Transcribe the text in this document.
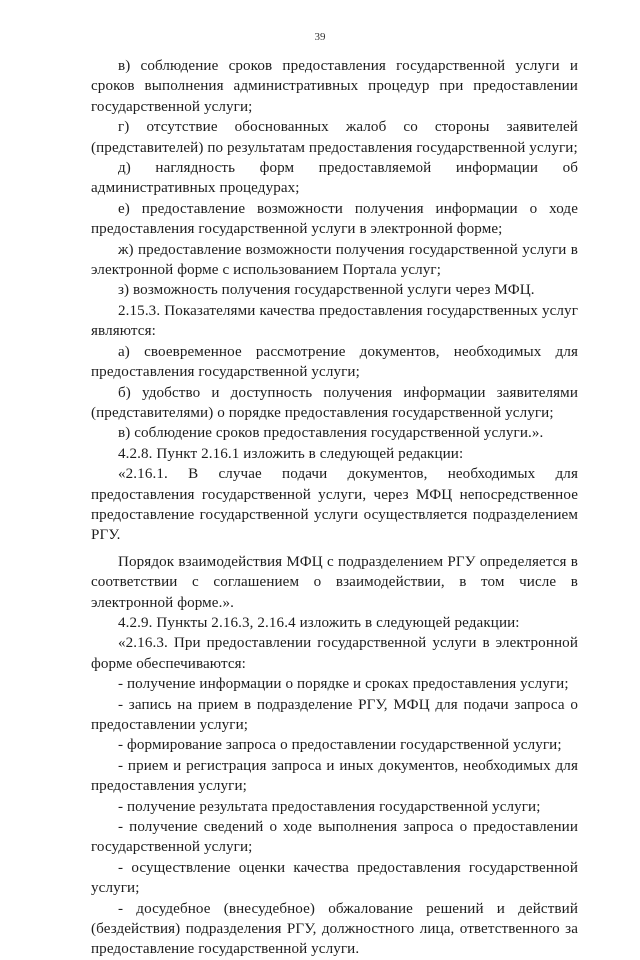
39

в) соблюдение сроков предоставления государственной услуги и сроков выполнения административных процедур при предоставлении государственной услуги;

г) отсутствие обоснованных жалоб со стороны заявителей (представителей) по результатам предоставления государственной услуги;

д) наглядность форм предоставляемой информации об административных процедурах;

е) предоставление возможности получения информации о ходе предоставления государственной услуги в электронной форме;

ж) предоставление возможности получения государственной услуги в электронной форме с использованием Портала услуг;

з) возможность получения государственной услуги через МФЦ.

2.15.3. Показателями качества предоставления государственных услуг являются:

а) своевременное рассмотрение документов, необходимых для предоставления государственной услуги;

б) удобство и доступность получения информации заявителями (представителями) о порядке предоставления государственной услуги;

в) соблюдение сроков предоставления государственной услуги.».

4.2.8. Пункт 2.16.1 изложить в следующей редакции:

«2.16.1. В случае подачи документов, необходимых для предоставления государственной услуги, через МФЦ непосредственное предоставление государственной услуги осуществляется подразделением РГУ.

Порядок взаимодействия МФЦ с подразделением РГУ определяется в соответствии с соглашением о взаимодействии, в том числе в электронной форме.».

4.2.9. Пункты 2.16.3, 2.16.4 изложить в следующей редакции:

«2.16.3. При предоставлении государственной услуги в электронной форме обеспечиваются:

- получение информации о порядке и сроках предоставления услуги;

- запись на прием в подразделение РГУ, МФЦ для подачи запроса о предоставлении услуги;

- формирование запроса о предоставлении государственной услуги;

- прием и регистрация запроса и иных документов, необходимых для предоставления услуги;

- получение результата предоставления государственной услуги;

- получение сведений о ходе выполнения запроса о предоставлении государственной услуги;

- осуществление оценки качества предоставления государственной услуги;

- досудебное (внесудебное) обжалование решений и действий (бездействия) подразделения РГУ, должностного лица, ответственного за предоставление государственной услуги.
